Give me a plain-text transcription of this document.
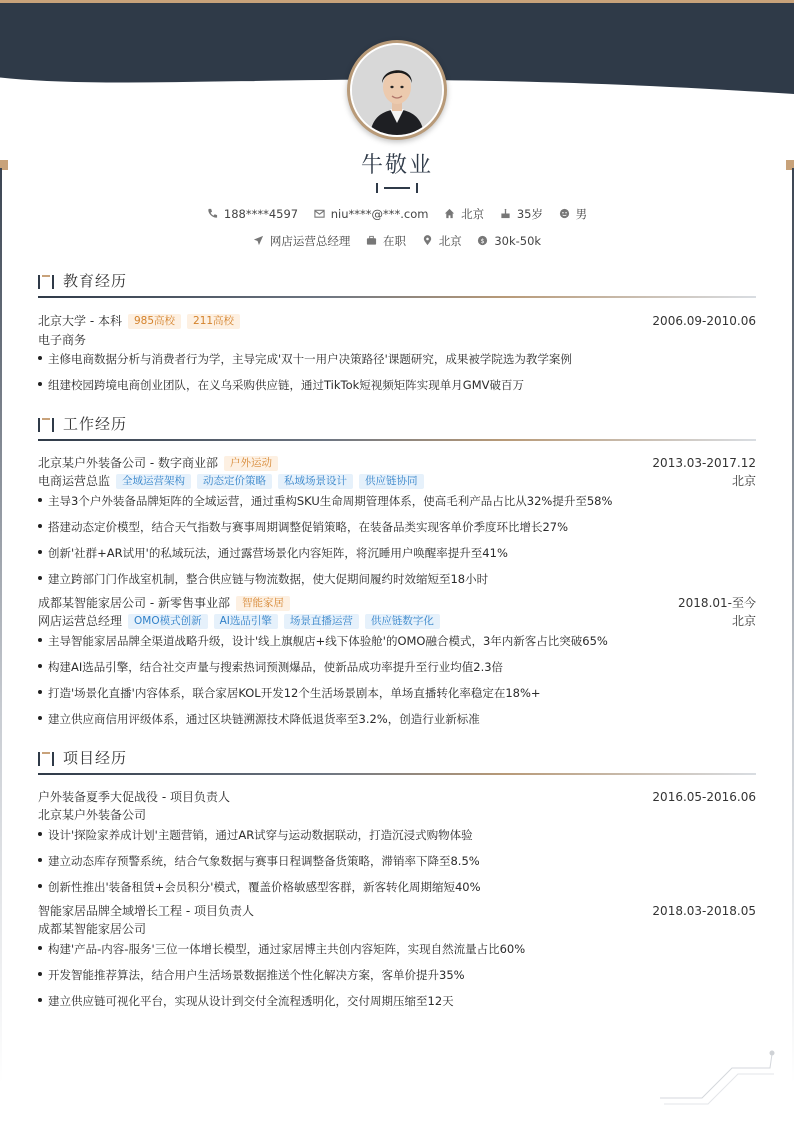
牛敬业
188****4597	niu****@***.com	北京	35岁	男
网店运营总经理	在职	北京	$ 30k-50k
教育经历
北京大学 - 本科 985高校 211高校	2006.09-2010.06
电子商务
主修电商数据分析与消费者行为学，主导完成'双十一用户决策路径'课题研究，成果被学院选为教学案例
组建校园跨境电商创业团队，在义乌采购供应链，通过TikTok短视频矩阵实现单月GMV破百万
工作经历
北京某户外装备公司 - 数字商业部 户外运动	2013.03-2017.12
电商运营总监 全域运营架构 动态定价策略 私域场景设计 供应链协同	北京
主导3个户外装备品牌矩阵的全域运营，通过重构SKU生命周期管理体系，使高毛利产品占比从32%提升至58%
搭建动态定价模型，结合天气指数与赛事周期调整促销策略，在装备品类实现客单价季度环比增长27%
创新'社群+AR试用'的私域玩法，通过露营场景化内容矩阵，将沉睡用户唤醒率提升至41%
建立跨部门门作战室机制，整合供应链与物流数据，使大促期间履约时效缩短至18小时
成都某智能家居公司 - 新零售事业部 智能家居	2018.01-至今
网店运营总经理 OMO模式创新 AI选品引擎 场景直播运营 供应链数字化	北京
主导智能家居品牌全渠道战略升级，设计'线上旗舰店+线下体验舱'的OMO融合模式，3年内新客占比突破65%
构建AI选品引擎，结合社交声量与搜索热词预测爆品，使新品成功率提升至行业均值2.3倍
打造'场景化直播'内容体系，联合家居KOL开发12个生活场景剧本，单场直播转化率稳定在18%+
建立供应商信用评级体系，通过区块链溯源技术降低退货率至3.2%，创造行业新标准
项目经历
户外装备夏季大促战役 - 项目负责人	2016.05-2016.06
北京某户外装备公司
设计'探险家养成计划'主题营销，通过AR试穿与运动数据联动，打造沉浸式购物体验
建立动态库存预警系统，结合气象数据与赛事日程调整备货策略，滞销率下降至8.5%
创新性推出'装备租赁+会员积分'模式，覆盖价格敏感型客群，新客转化周期缩短40%
智能家居品牌全域增长工程 - 项目负责人	2018.03-2018.05
成都某智能家居公司
构建'产品-内容-服务'三位一体增长模型，通过家居博主共创内容矩阵，实现自然流量占比60%
开发智能推荐算法，结合用户生活场景数据推送个性化解决方案，客单价提升35%
建立供应链可视化平台，实现从设计到交付全流程透明化，交付周期压缩至12天
